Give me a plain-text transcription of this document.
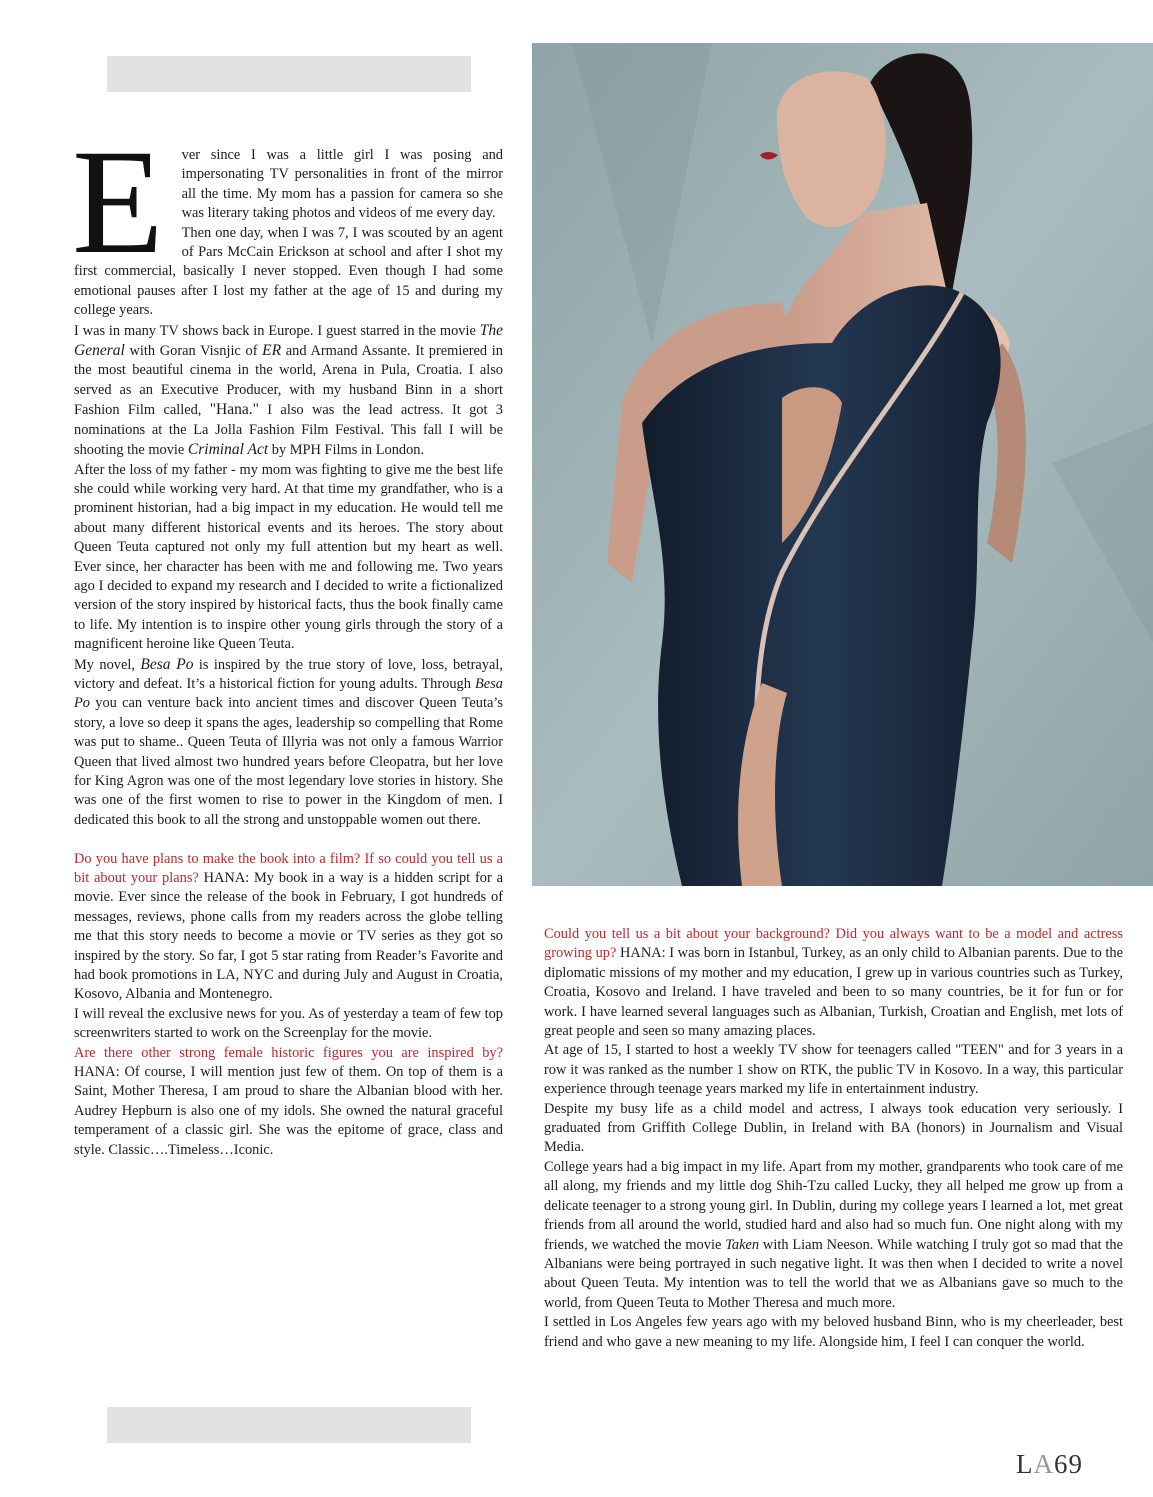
E ver since I was a little girl I was posing and impersonating TV personalities in front of the mirror all the time. My mom has a passion for camera so she was literary taking photos and videos of me every day.

Then one day, when I was 7, I was scouted by an agent of Pars McCain Erickson at school and after I shot my first commercial, basically I never stopped. Even though I had some emotional pauses after I lost my father at the age of 15 and during my college years.

I was in many TV shows back in Europe. I guest starred in the movie The General with Goran Visnjic of ER and Armand Assante. It premiered in the most beautiful cinema in the world, Arena in Pula, Croatia. I also served as an Executive Producer, with my husband Binn in a short Fashion Film called, "Hana." I also was the lead actress. It got 3 nominations at the La Jolla Fashion Film Festival. This fall I will be shooting the movie Criminal Act by MPH Films in London.

After the loss of my father - my mom was fighting to give me the best life she could while working very hard. At that time my grandfather, who is a prominent historian, had a big impact in my education. He would tell me about many different historical events and its heroes. The story about Queen Teuta captured not only my full attention but my heart as well. Ever since, her character has been with me and following me. Two years ago I decided to expand my research and I decided to write a fictionalized version of the story inspired by historical facts, thus the book finally came to life. My intention is to inspire other young girls through the story of a magnificent heroine like Queen Teuta.

My novel, Besa Po is inspired by the true story of love, loss, betrayal, victory and defeat. It’s a historical fiction for young adults. Through Besa Po you can venture back into ancient times and discover Queen Teuta’s story, a love so deep it spans the ages, leadership so compelling that Rome was put to shame.. Queen Teuta of Illyria was not only a famous Warrior Queen that lived almost two hundred years before Cleopatra, but her love for King Agron was one of the most legendary love stories in history. She was one of the first women to rise to power in the Kingdom of men. I dedicated this book to all the strong and unstoppable women out there.

Do you have plans to make the book into a film? If so could you tell us a bit about your plans? HANA: My book in a way is a hidden script for a movie. Ever since the release of the book in February, I got hundreds of messages, reviews, phone calls from my readers across the globe telling me that this story needs to become a movie or TV series as they got so inspired by the story. So far, I got 5 star rating from Reader’s Favorite and had book promotions in LA, NYC and during July and August in Croatia, Kosovo, Albania and Montenegro.

I will reveal the exclusive news for you. As of yesterday a team of few top screenwriters started to work on the Screenplay for the movie.

Are there other strong female historic figures you are inspired by? HANA: Of course, I will mention just few of them. On top of them is a Saint, Mother Theresa, I am proud to share the Albanian blood with her. Audrey Hepburn is also one of my idols. She owned the natural graceful temperament of a classic girl. She was the epitome of grace, class and style. Classic….Timeless…Iconic.

Could you tell us a bit about your background? Did you always want to be a model and actress growing up? HANA: I was born in Istanbul, Turkey, as an only child to Albanian parents. Due to the diplomatic missions of my mother and my education, I grew up in various countries such as Turkey, Croatia, Kosovo and Ireland. I have traveled and been to so many countries, be it for fun or for work. I have learned several languages such as Albanian, Turkish, Croatian and English, met lots of great people and seen so many amazing places.

At age of 15, I started to host a weekly TV show for teenagers called "TEEN" and for 3 years in a row it was ranked as the number 1 show on RTK, the public TV in Kosovo. In a way, this particular experience through teenage years marked my life in entertainment industry.

Despite my busy life as a child model and actress, I always took education very seriously. I graduated from Griffith College Dublin, in Ireland with BA (honors) in Journalism and Visual Media.

College years had a big impact in my life. Apart from my mother, grandparents who took care of me all along, my friends and my little dog Shih-Tzu called Lucky, they all helped me grow up from a delicate teenager to a strong young girl. In Dublin, during my college years I learned a lot, met great friends from all around the world, studied hard and also had so much fun. One night along with my friends, we watched the movie Taken with Liam Neeson. While watching I truly got so mad that the Albanians were being portrayed in such negative light. It was then when I decided to write a novel about Queen Teuta. My intention was to tell the world that we as Albanians gave so much to the world, from Queen Teuta to Mother Theresa and much more.

I settled in Los Angeles few years ago with my beloved husband Binn, who is my cheerleader, best friend and who gave a new meaning to my life. Alongside him, I feel I can conquer the world.

LA69
